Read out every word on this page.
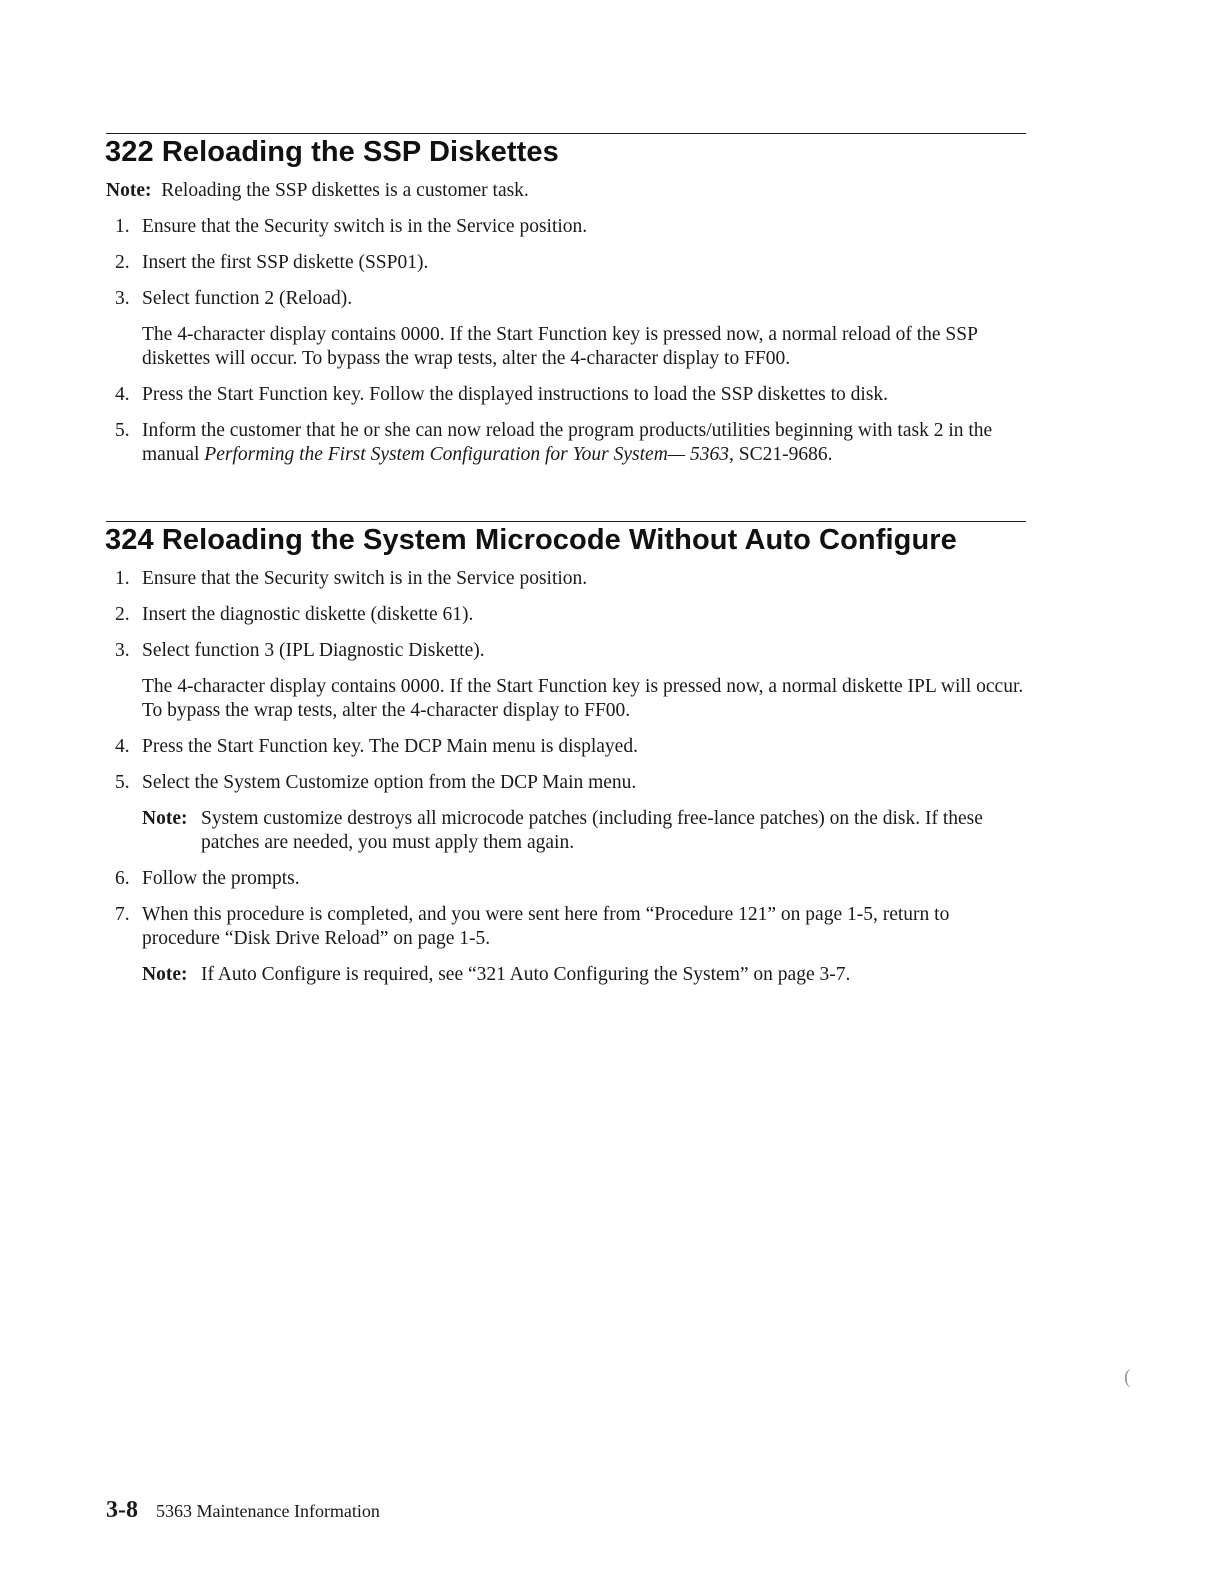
322 Reloading the SSP Diskettes

Note: Reloading the SSP diskettes is a customer task.

1. Ensure that the Security switch is in the Service position.
2. Insert the first SSP diskette (SSP01).
3. Select function 2 (Reload).

The 4-character display contains 0000. If the Start Function key is pressed now, a normal reload of the SSP diskettes will occur. To bypass the wrap tests, alter the 4-character display to FF00.

4. Press the Start Function key. Follow the displayed instructions to load the SSP diskettes to disk.
5. Inform the customer that he or she can now reload the program products/utilities beginning with task 2 in the manual Performing the First System Configuration for Your System— 5363, SC21-9686.
324 Reloading the System Microcode Without Auto Configure
1. Ensure that the Security switch is in the Service position.
2. Insert the diagnostic diskette (diskette 61).
3. Select function 3 (IPL Diagnostic Diskette).

The 4-character display contains 0000. If the Start Function key is pressed now, a normal diskette IPL will occur. To bypass the wrap tests, alter the 4-character display to FF00.

4. Press the Start Function key. The DCP Main menu is displayed.
5. Select the System Customize option from the DCP Main menu.
Note: System customize destroys all microcode patches (including free-lance patches) on the disk. If these patches are needed, you must apply them again.
6. Follow the prompts.
7. When this procedure is completed, and you were sent here from “Procedure 121” on page 1-5, return to procedure “Disk Drive Reload” on page 1-5.
Note: If Auto Configure is required, see “321 Auto Configuring the System” on page 3-7.
(
3-8 5363 Maintenance Information
